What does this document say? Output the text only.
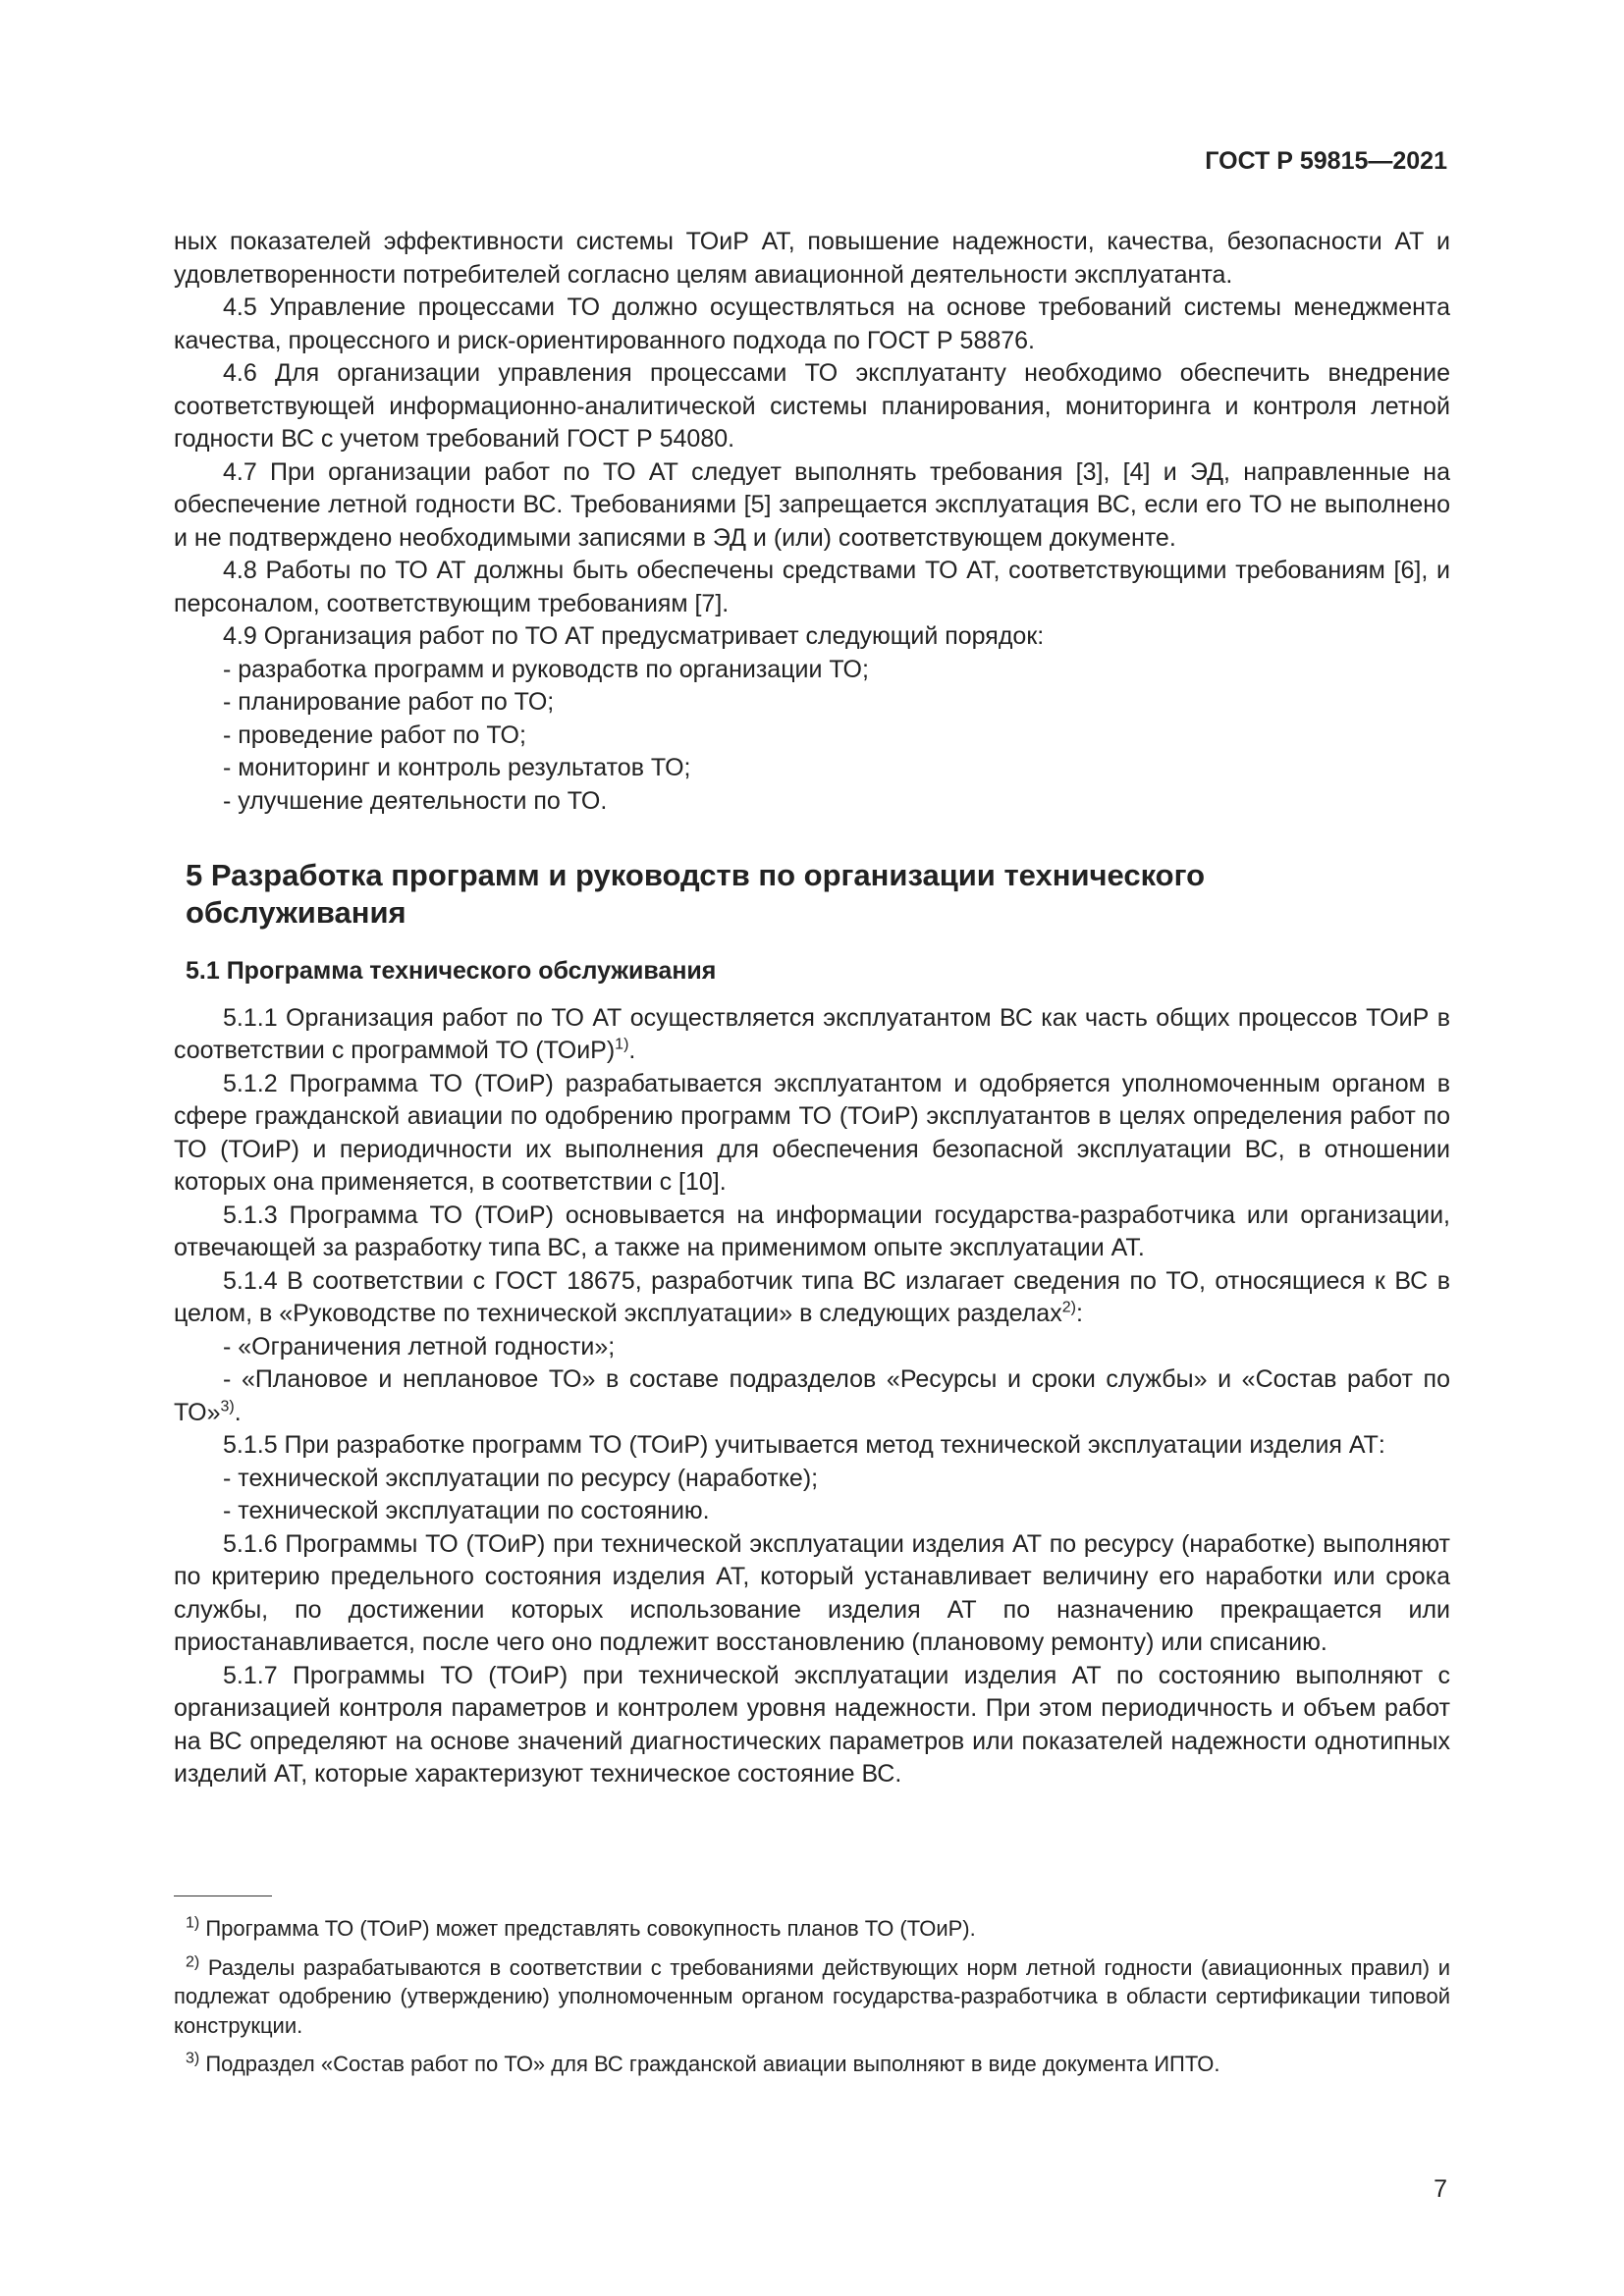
ГОСТ Р 59815—2021

ных показателей эффективности системы ТОиР АТ, повышение надежности, качества, безопасности АТ и удовлетворенности потребителей согласно целям авиационной деятельности эксплуатанта.

4.5 Управление процессами ТО должно осуществляться на основе требований системы менеджмента качества, процессного и риск-ориентированного подхода по ГОСТ Р 58876.

4.6 Для организации управления процессами ТО эксплуатанту необходимо обеспечить внедрение соответствующей информационно-аналитической системы планирования, мониторинга и контроля летной годности ВС с учетом требований ГОСТ Р 54080.

4.7 При организации работ по ТО АТ следует выполнять требования [3], [4] и ЭД, направленные на обеспечение летной годности ВС. Требованиями [5] запрещается эксплуатация ВС, если его ТО не выполнено и не подтверждено необходимыми записями в ЭД и (или) соответствующем документе.

4.8 Работы по ТО АТ должны быть обеспечены средствами ТО АТ, соответствующими требованиям [6], и персоналом, соответствующим требованиям [7].

4.9 Организация работ по ТО АТ предусматривает следующий порядок:

- разработка программ и руководств по организации ТО;

- планирование работ по ТО;

- проведение работ по ТО;

- мониторинг и контроль результатов ТО;

- улучшение деятельности по ТО.

5 Разработка программ и руководств по организации технического
обслуживания

5.1 Программа технического обслуживания

5.1.1 Организация работ по ТО АТ осуществляется эксплуатантом ВС как часть общих процессов ТОиР в соответствии с программой ТО (ТОиР)$^{1)}$.

5.1.2 Программа ТО (ТОиР) разрабатывается эксплуатантом и одобряется уполномоченным органом в сфере гражданской авиации по одобрению программ ТО (ТОиР) эксплуатантов в целях определения работ по ТО (ТОиР) и периодичности их выполнения для обеспечения безопасной эксплуатации ВС, в отношении которых она применяется, в соответствии с [10].

5.1.3 Программа ТО (ТОиР) основывается на информации государства-разработчика или организации, отвечающей за разработку типа ВС, а также на применимом опыте эксплуатации АТ.

5.1.4 В соответствии с ГОСТ 18675, разработчик типа ВС излагает сведения по ТО, относящиеся к ВС в целом, в «Руководстве по технической эксплуатации» в следующих разделах$^{2)}$:

- «Ограничения летной годности»;

- «Плановое и неплановое ТО» в составе подразделов «Ресурсы и сроки службы» и «Состав работ по ТО»$^{3)}$.

5.1.5 При разработке программ ТО (ТОиР) учитывается метод технической эксплуатации изделия АТ:

- технической эксплуатации по ресурсу (наработке);

- технической эксплуатации по состоянию.

5.1.6 Программы ТО (ТОиР) при технической эксплуатации изделия АТ по ресурсу (наработке) выполняют по критерию предельного состояния изделия АТ, который устанавливает величину его наработки или срока службы, по достижении которых использование изделия АТ по назначению прекращается или приостанавливается, после чего оно подлежит восстановлению (плановому ремонту) или списанию.

5.1.7 Программы ТО (ТОиР) при технической эксплуатации изделия АТ по состоянию выполняют с организацией контроля параметров и контролем уровня надежности. При этом периодичность и объем работ на ВС определяют на основе значений диагностических параметров или показателей надежности однотипных изделий АТ, которые характеризуют техническое состояние ВС.

$^{1)}$ Программа ТО (ТОиР) может представлять совокупность планов ТО (ТОиР).

$^{2)}$ Разделы разрабатываются в соответствии с требованиями действующих норм летной годности (авиационных правил) и подлежат одобрению (утверждению) уполномоченным органом государства-разработчика в области сертификации типовой конструкции.

$^{3)}$ Подраздел «Состав работ по ТО» для ВС гражданской авиации выполняют в виде документа ИПТО.

7
